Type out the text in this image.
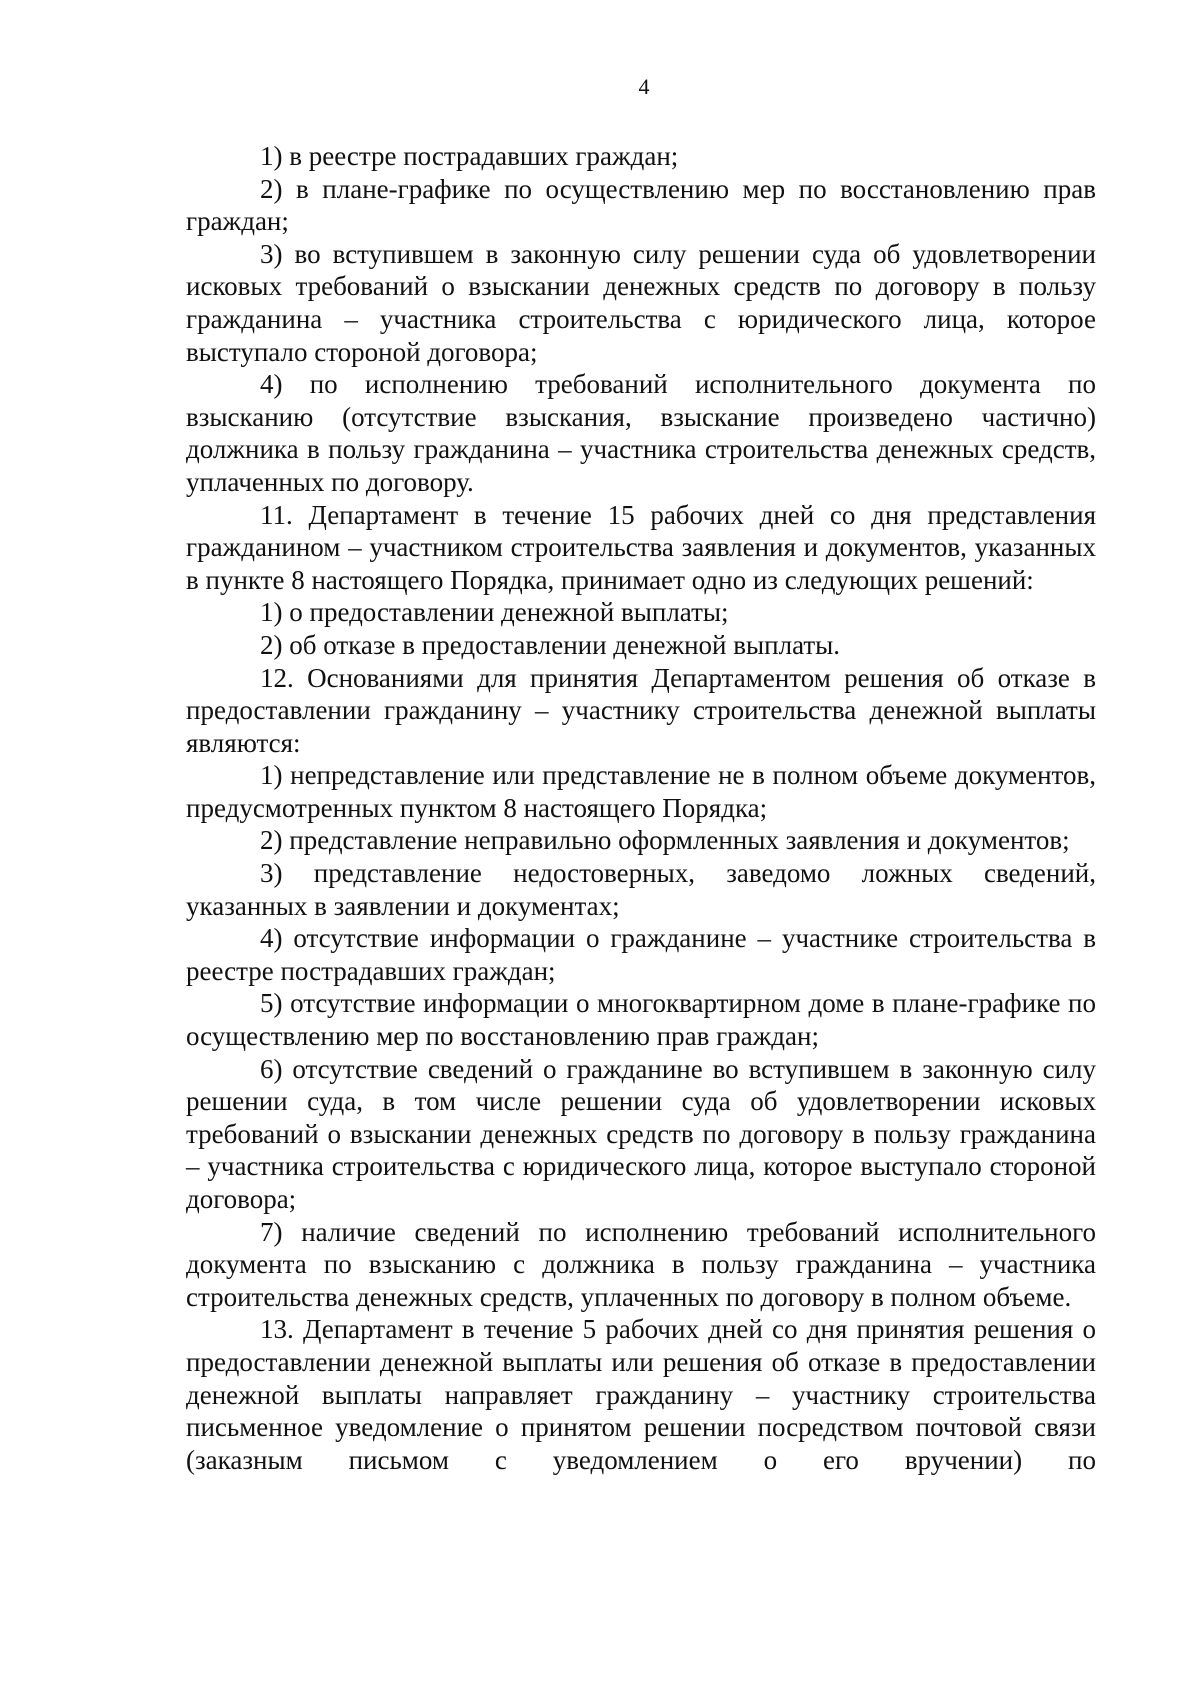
4

1) в реестре пострадавших граждан;

2) в плане-графике по осуществлению мер по восстановлению прав граждан;

3) во вступившем в законную силу решении суда об удовлетворении исковых требований о взыскании денежных средств по договору в пользу гражданина – участника строительства с юридического лица, которое выступало стороной договора;

4) по исполнению требований исполнительного документа по взысканию (отсутствие взыскания, взыскание произведено частично) должника в пользу гражданина – участника строительства денежных средств, уплаченных по договору.

11. Департамент в течение 15 рабочих дней со дня представления гражданином – участником строительства заявления и документов, указанных в пункте 8 настоящего Порядка, принимает одно из следующих решений:

1) о предоставлении денежной выплаты;

2) об отказе в предоставлении денежной выплаты.

12. Основаниями для принятия Департаментом решения об отказе в предоставлении гражданину – участнику строительства денежной выплаты являются:

1) непредставление или представление не в полном объеме документов, предусмотренных пунктом 8 настоящего Порядка;

2) представление неправильно оформленных заявления и документов;

3) представление недостоверных, заведомо ложных сведений, указанных в заявлении и документах;

4) отсутствие информации о гражданине – участнике строительства в реестре пострадавших граждан;

5) отсутствие информации о многоквартирном доме в плане-графике по осуществлению мер по восстановлению прав граждан;

6) отсутствие сведений о гражданине во вступившем в законную силу решении суда, в том числе решении суда об удовлетворении исковых требований о взыскании денежных средств по договору в пользу гражданина – участника строительства с юридического лица, которое выступало стороной договора;

7) наличие сведений по исполнению требований исполнительного документа по взысканию с должника в пользу гражданина – участника строительства денежных средств, уплаченных по договору в полном объеме.

13. Департамент в течение 5 рабочих дней со дня принятия решения о предоставлении денежной выплаты или решения об отказе в предоставлении денежной выплаты направляет гражданину – участнику строительства письменное уведомление о принятом решении посредством почтовой связи (заказным письмом с уведомлением о его вручении) по
